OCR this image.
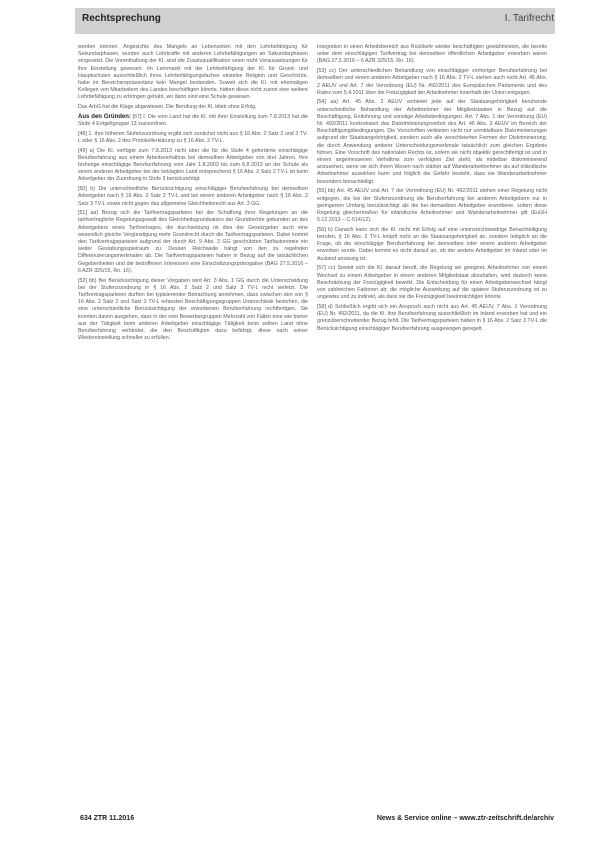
Rechtsprechung	I. Tarifrecht

werden können. Angesichts des Mangels an Lebenzeiten mit den Lehrbefähigung für Sekundarphasen, wurden auch Lehrkräfte mit anderen Lehrbefähigungen an Sekundarphasen eingesetzt. Die Vorenthaltung der Kl. sind die Zusatzqualifikation seien nicht Voraussetzungen für ihre Einstellung gewesen. Im Lernmarkt mit der Lehrbefähigung der Kl. für Grund- und Hauptschulen ausschließlich ihres Lehrbefähigungsfaches einzelne Religion und Geschichte, habe im Bereichsrepräsentanz kein Mangel bestanden. Soweit sich die Kl. mit ehemaligen Kollegen von Mitarbeitern des Landes beschäftigen könnte, hätten diese nicht zuerst eine weitere Lehrbefähigung zu erbringen gehabt, wo dann sind eine Schule gewesen.

Das ArbG hat die Klage abgewiesen. Die Berufung der Kl. blieb ohne Erfolg.

Aus den Gründen: [67] I. Die vom Land hat die Kl. mit ihrer Einstellung zum 7.8.2013 hat die Stufe 4 Entgeltgruppe 13 zuzuordnen.

[48] 1. Ihre höheren Stufenzuordnung ergibt sich zunächst nicht aus § 16 Abs. 2 Satz 2 und 3 TV-L oder § 16 Abs. 2 des Protokollerklärung zu § 16 Abs. 2 TV-L.

[49] a) Die Kl. verfügte zum 7.8.2013 nicht über die für die Stufe 4 geforderte einschlägige Berufserfahrung aus einem Arbeitsverhältnis bei demselben Arbeitgeber von drei Jahren. Ihre bisherige einschlägige Berufserfahrung vom Jahr 1.8.2003 bis zum 6.8.2013 an der Schule als einem anderen Arbeitgeber bei der beklagten Land entsprechend § 16 Abs. 2 Satz 2 TV-L ist beim Arbeitgeber der Zuordnung in Stufe 3 berücksichtigt.

[50] b) Die unterschiedliche Berücksichtigung einschlägiger Berufserfahrung bei demselben Arbeitgeber nach § 16 Abs. 2 Satz 2 TV-L und bei einem anderen Arbeitgeber nach § 16 Abs. 2 Satz 3 TV-L sowie nicht gegen das allgemeine Gleichheitsrecht aus Art. 3 GG.

[51] aa) Bezog sich die Tarifvertragsparteien bei der Schaffung ihrer Regelungen an die tarifvertragliche Regelungsgewalt des Gleichheitsgrundsatzes der Grundrechte gebunden an des Arbeitgebers eines Tarifvertrages, die durchsetzung ist dies der Gesetzgeber auch eine wesentlich gleiche Vergünstigung mehr Grundrecht durch die Tarifvertragsparteien. Dabei kommt den Tarifvertragsparteien aufgrund der durch Art. 9 Abs. 3 GG geschützten Tarifautonomie ein weiter Gestaltungsspielraum zu. Dessen Reichweite hängt von den zu regelnden Differenzierungsmerkmalen ab. Die Tarifvertragsparteien haben in Bezug auf die tatsächlichen Gegebenheiten und die betroffenen Interessen eine Einschätzungsprärogative (BAG 27.5.2016 – 6 AZR 325/15, Rn. 16).

[52] bb) Bei Berücksichtigung dieser Vorgaben wird Art. 3 Abs. 1 GG durch die Unterscheidung bei der Stufenzuordnung in § 16 Abs. 2 Satz 2 und Satz 3 TV-L nicht verletzt. Die Tarifvertragsparteien durften bei typisierender Betrachtung annehmen, dass zwischen den von § 16 Abs. 2 Satz 2 und Satz 3 TV-L erfassten Beschäftigungsgruppen Unterschiede bestehen, die eine unterschiedliche Berücksichtigung der erworbenen Berufserfahrung rechtfertigen. Sie konnten davon ausgehen, dass in der vom Bewerbergruppen Mehrzahl von Fällen eine wie bisher aus der Tätigkeit beim anderen Arbeitgeber einschlägige Tätigkeit beim selben Land ohne Berufserfahrung verbindet, die den Beschäftigten dazu befähigt, diese nach seiner Wiedereinstellung schneller zu erfüllen.

Integration in einen Arbeitsbereich aus Rückkehr wieder beschäftigten gewährleisten, die bereits unter dem einschlägigen Tarifvertrag bei demselben öffentlichen Arbeitgeber erworben waren (BAG 27.5.2016 – 6 AZR 325/15, Rn. 16).

[53] cc) Der unterschiedlichen Behandlung von einschlägiger vorheriger Berufserfahrung bei demselben und einem anderen Arbeitgeber nach § 16 Abs. 2 TV-L stehen auch nicht Art. 45 Abs. 2 AEUV und Art. 7 der Verordnung (EU) Nr. 492/2011 des Europäischen Parlaments und des Rates vom 5.4.2011 über die Freizügigkeit der Arbeitnehmer innerhalb der Union entgegen.

[54] aa) Art. 45 Abs. 2 AEUV verbietet jede auf der Staatsangehörigkeit beruhende unterschiedliche Behandlung der Arbeitnehmer der Mitgliedstaaten in Bezug auf die Beschäftigung, Entlohnung und sonstige Arbeitsbedingungen. Art. 7 Abs. 1 der Verordnung (EU) Nr. 492/2011 konkretisiert das Diskriminierungsverbot des Art. 45 Abs. 2 AEUV im Bereich der Beschäftigungsbedingungen. Die Vorschriften verbieten nicht nur unmittelbare Diskriminierungen aufgrund der Staatsangehörigkeit, sondern auch alle verschleierten Formen der Diskriminierung, die durch Anwendung anderer Unterscheidungsmerkmale tatsächlich zum gleichen Ergebnis führen. Eine Vorschrift des nationalen Rechts ist, sofern sie nicht objektiv gerechtfertigt ist und in einem angemessenen Verhältnis zum verfolgten Ziel steht, als mittelbar diskriminierend anzusehen, wenn sie sich ihrem Wesen nach stärker auf Wanderarbeitnehmer als auf inländische Arbeitnehmer auswirken kann und folglich die Gefahr besteht, dass sie Wanderarbeitnehmer besonders benachteiligt.

[55] bb) Art. 45 AEUV und Art. 7 der Verordnung (EU) Nr. 492/2011 stehen einer Regelung nicht entgegen, die bei der Stufenzuordnung die Berufserfahrung bei anderen Arbeitgebern nur in geringerem Umfang berücksichtigt als die bei demselben Arbeitgeber erworbene, sofern diese Regelung gleichermaßen für inländische Arbeitnehmer und Wanderarbeitnehmer gilt (EuGH 5.12.2013 – C-514/12).

[56] b) Danach kann sich die Kl. nicht mit Erfolg auf eine unionsrechtswidrige Benachteiligung berufen. § 16 Abs. 2 TV-L knüpft nicht an die Staatsangehörigkeit an, sondern lediglich an die Frage, ob die einschlägige Berufserfahrung bei demselben oder einem anderen Arbeitgeber erworben wurde. Dabei kommt es nicht darauf an, ob der andere Arbeitgeber im Inland oder im Ausland ansässig ist.

[57] cc) Soweit sich die Kl. darauf beruft, die Regelung sei geeignet, Arbeitnehmer von einem Wechsel zu einem Arbeitgeber in einem anderen Mitgliedstaat abzuhalten, wird dadurch keine Beschränkung der Freizügigkeit bewirkt. Die Entscheidung für einen Arbeitgeberwechsel hängt von zahlreichen Faktoren ab; die mögliche Auswirkung auf die spätere Stufenzuordnung ist zu ungewiss und zu indirekt, als dass sie die Freizügigkeit beeinträchtigen könnte.

[58] d) Schließlich ergibt sich ein Anspruch auch nicht aus Art. 45 AEUV, 7 Abs. 1 Verordnung (EU) Nr. 492/2011, da die Kl. ihre Berufserfahrung ausschließlich im Inland erworben hat und ein grenzüberschreitender Bezug fehlt. Die Tarifvertragsparteien haben in § 16 Abs. 2 Satz 3 TV-L die Berücksichtigung einschlägiger Berufserfahrung ausgewogen geregelt.

634 ZTR 11.2016	News & Service online – www.ztr-zeitschrift.de/archiv
